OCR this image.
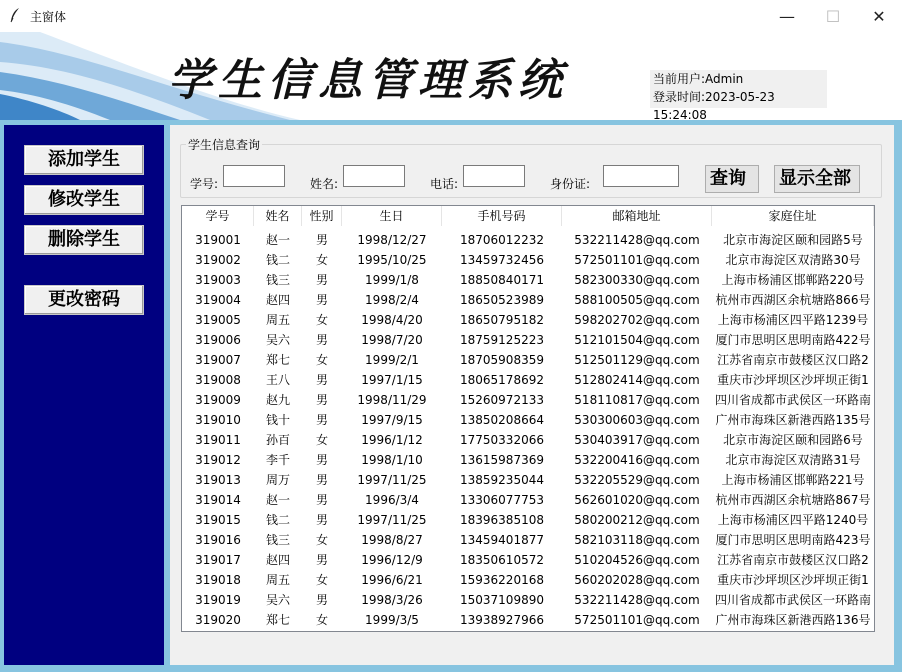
主窗体	—	☐	✕
学生信息管理系统	当前用户:Admin
登录时间:2023-05-23 15:24:08
添加学生
修改学生
删除学生
更改密码
学生信息查询
学号:	姓名:	电话:	身份证:	查询	显示全部
学号	姓名	性别	生日	手机号码	邮箱地址	家庭住址
319001	赵一	男	1998/12/27	18706012232	532211428@qq.com	北京市海淀区颐和园路5号
319002	钱二	女	1995/10/25	13459732456	572501101@qq.com	北京市海淀区双清路30号
319003	钱三	男	1999/1/8	18850840171	582300330@qq.com	上海市杨浦区邯郸路220号
319004	赵四	男	1998/2/4	18650523989	588100505@qq.com	杭州市西湖区余杭塘路866号
319005	周五	女	1998/4/20	18650795182	598202702@qq.com	上海市杨浦区四平路1239号
319006	吴六	男	1998/7/20	18759125223	512101504@qq.com	厦门市思明区思明南路422号
319007	郑七	女	1999/2/1	18705908359	512501129@qq.com	江苏省南京市鼓楼区汉口路2
319008	王八	男	1997/1/15	18065178692	512802414@qq.com	重庆市沙坪坝区沙坪坝正街1
319009	赵九	男	1998/11/29	15260972133	518110817@qq.com	四川省成都市武侯区一环路南
319010	钱十	男	1997/9/15	13850208664	530300603@qq.com	广州市海珠区新港西路135号
319011	孙百	女	1996/1/12	17750332066	530403917@qq.com	北京市海淀区颐和园路6号
319012	李千	男	1998/1/10	13615987369	532200416@qq.com	北京市海淀区双清路31号
319013	周万	男	1997/11/25	13859235044	532205529@qq.com	上海市杨浦区邯郸路221号
319014	赵一	男	1996/3/4	13306077753	562601020@qq.com	杭州市西湖区余杭塘路867号
319015	钱二	男	1997/11/25	18396385108	580200212@qq.com	上海市杨浦区四平路1240号
319016	钱三	女	1998/8/27	13459401877	582103118@qq.com	厦门市思明区思明南路423号
319017	赵四	男	1996/12/9	18350610572	510204526@qq.com	江苏省南京市鼓楼区汉口路2
319018	周五	女	1996/6/21	15936220168	560202028@qq.com	重庆市沙坪坝区沙坪坝正街1
319019	吴六	男	1998/3/26	15037109890	532211428@qq.com	四川省成都市武侯区一环路南
319020	郑七	女	1999/3/5	13938927966	572501101@qq.com	广州市海珠区新港西路136号
